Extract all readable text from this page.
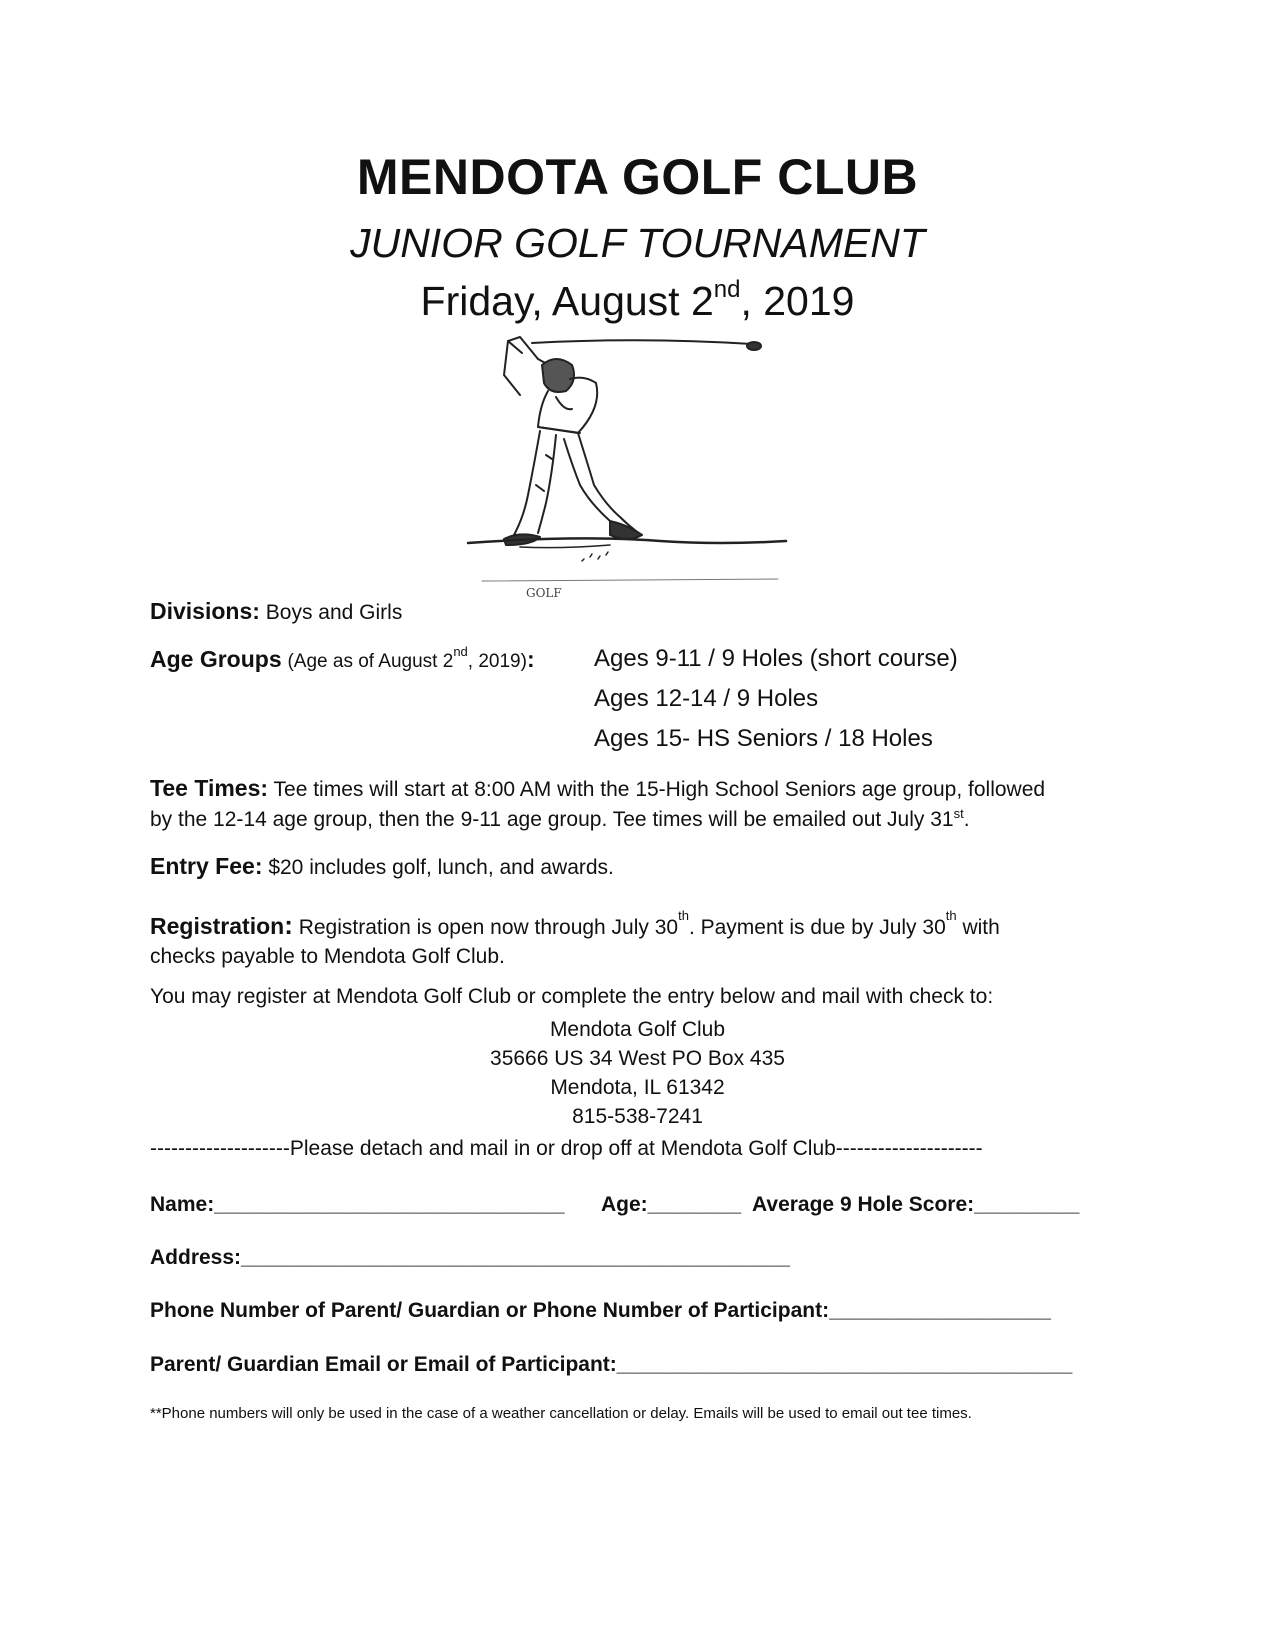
MENDOTA GOLF CLUB
JUNIOR GOLF TOURNAMENT
Friday, August 2nd, 2019
GOLF
Divisions: Boys and Girls
Age Groups (Age as of August 2nd, 2019): Ages 9-11 / 9 Holes (short course)
Ages 12-14 / 9 Holes
Ages 15- HS Seniors / 18 Holes
Tee Times: Tee times will start at 8:00 AM with the 15-High School Seniors age group, followed
by the 12-14 age group, then the 9-11 age group. Tee times will be emailed out July 31st.
Entry Fee: $20 includes golf, lunch, and awards.
Registration: Registration is open now through July 30th. Payment is due by July 30th with
checks payable to Mendota Golf Club.
You may register at Mendota Golf Club or complete the entry below and mail with check to:
Mendota Golf Club
35666 US 34 West PO Box 435
Mendota, IL 61342
815-538-7241
--------------------Please detach and mail in or drop off at Mendota Golf Club---------------------
Name:______________________________ Age:________ Average 9 Hole Score:_________
Address:_______________________________________________
Phone Number of Parent/ Guardian or Phone Number of Participant:___________________
Parent/ Guardian Email or Email of Participant:_______________________________________
**Phone numbers will only be used in the case of a weather cancellation or delay. Emails will be used to email out tee times.
